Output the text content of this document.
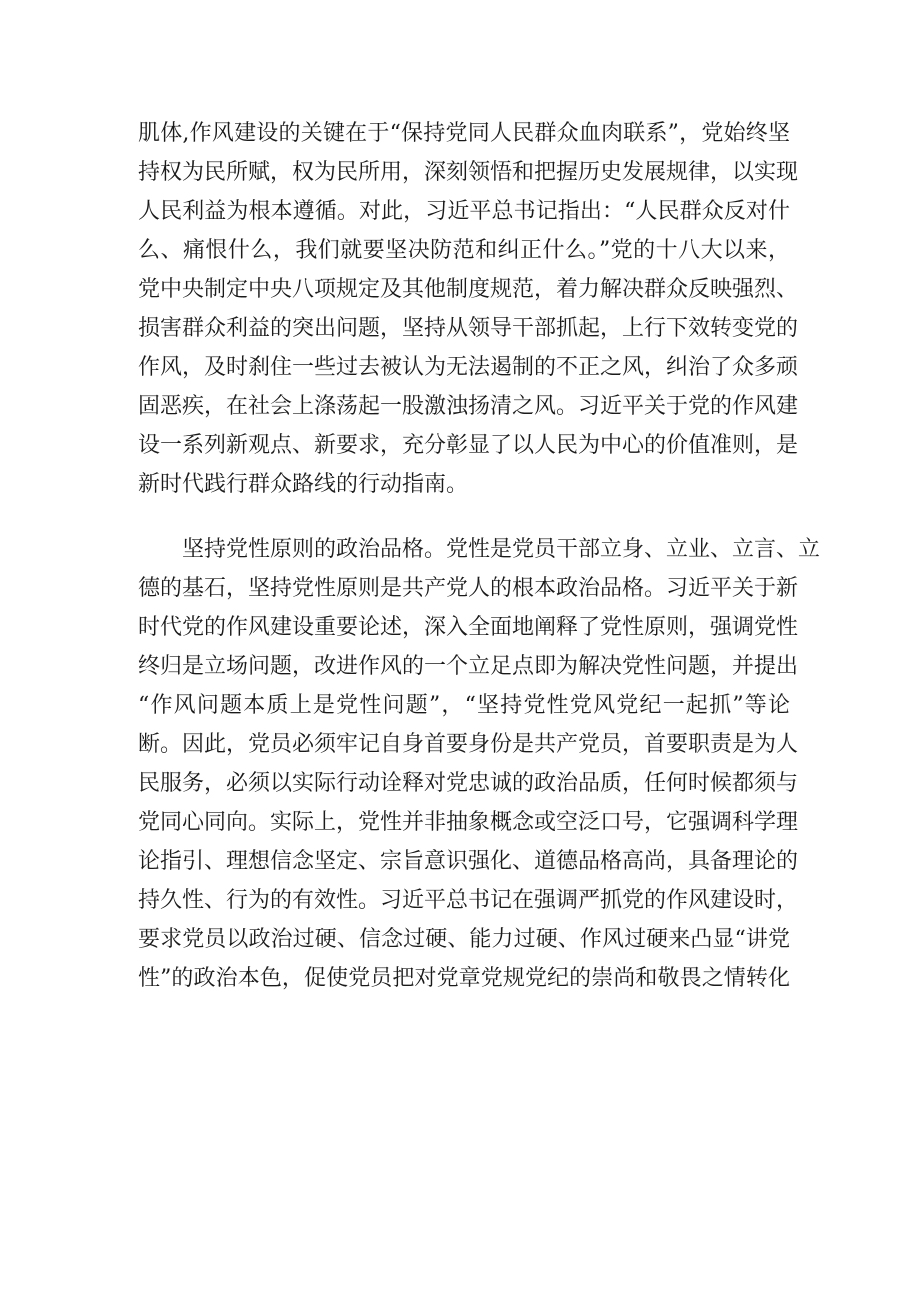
肌体,作风建设的关键在于“保持党同人民群众血肉联系”，党始终坚
持权为民所赋，权为民所用，深刻领悟和把握历史发展规律，以实现
人民利益为根本遵循。对此，习近平总书记指出：“人民群众反对什
么、痛恨什么，我们就要坚决防范和纠正什么。”党的十八大以来，
党中央制定中央八项规定及其他制度规范，着力解决群众反映强烈、
损害群众利益的突出问题，坚持从领导干部抓起，上行下效转变党的
作风，及时刹住一些过去被认为无法遏制的不正之风，纠治了众多顽
固恶疾，在社会上涤荡起一股激浊扬清之风。习近平关于党的作风建
设一系列新观点、新要求，充分彰显了以人民为中心的价值准则，是
新时代践行群众路线的行动指南。
　　坚持党性原则的政治品格。党性是党员干部立身、立业、立言、立
德的基石，坚持党性原则是共产党人的根本政治品格。习近平关于新
时代党的作风建设重要论述，深入全面地阐释了党性原则，强调党性
终归是立场问题，改进作风的一个立足点即为解决党性问题，并提出
“作风问题本质上是党性问题”，“坚持党性党风党纪一起抓”等论
断。因此，党员必须牢记自身首要身份是共产党员，首要职责是为人
民服务，必须以实际行动诠释对党忠诚的政治品质，任何时候都须与
党同心同向。实际上，党性并非抽象概念或空泛口号，它强调科学理
论指引、理想信念坚定、宗旨意识强化、道德品格高尚，具备理论的
持久性、行为的有效性。习近平总书记在强调严抓党的作风建设时，
要求党员以政治过硬、信念过硬、能力过硬、作风过硬来凸显“讲党
性”的政治本色，促使党员把对党章党规党纪的崇尚和敬畏之情转化
